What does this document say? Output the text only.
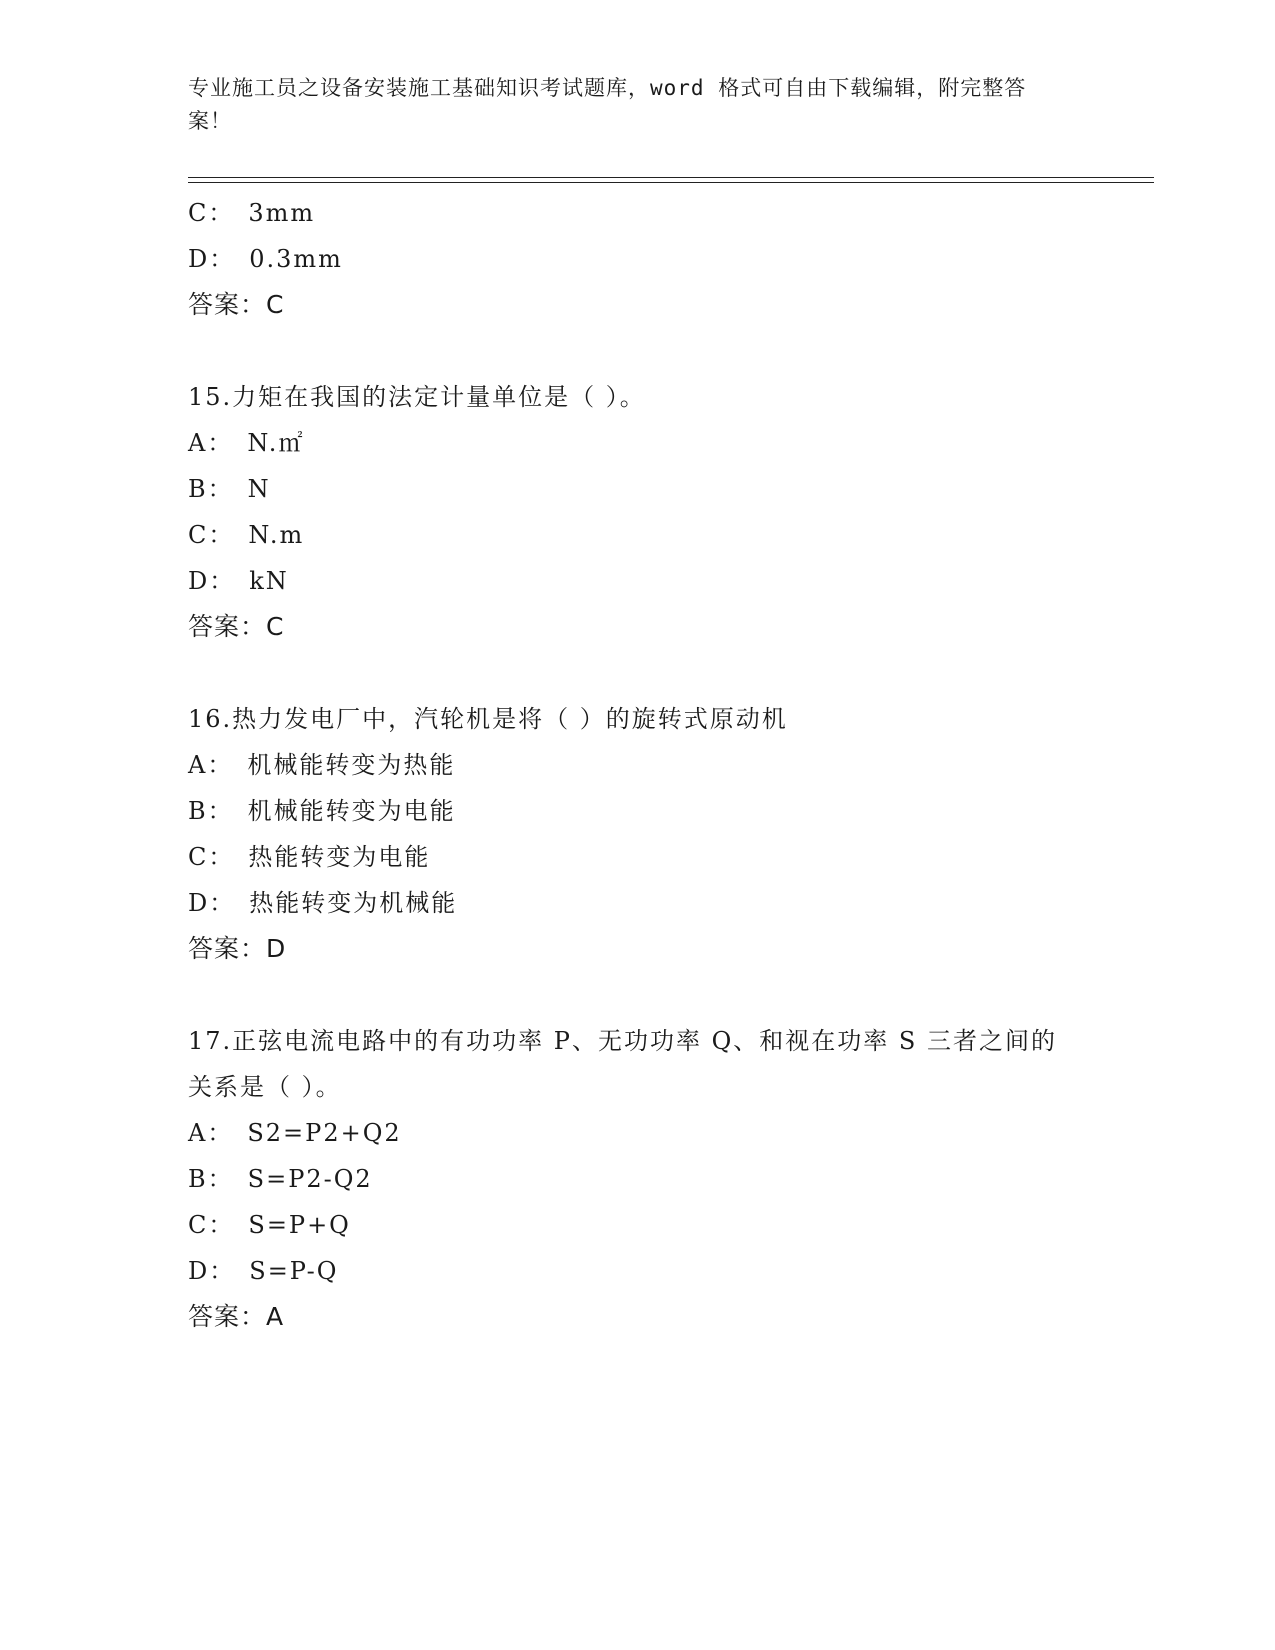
专业施工员之设备安装施工基础知识考试题库，word 格式可自由下载编辑，附完整答案！
C： 3mm
D： 0.3mm
答案：C
15.力矩在我国的法定计量单位是（ ）。
A： N.㎡
B： N
C： N.m
D： kN
答案：C
16.热力发电厂中，汽轮机是将（ ）的旋转式原动机
A： 机械能转变为热能
B： 机械能转变为电能
C： 热能转变为电能
D： 热能转变为机械能
答案：D
17.正弦电流电路中的有功功率 P、无功功率 Q、和视在功率 S 三者之间的关系是（ ）。
A： S2=P2+Q2
B： S=P2-Q2
C： S=P+Q
D： S=P-Q
答案：A
